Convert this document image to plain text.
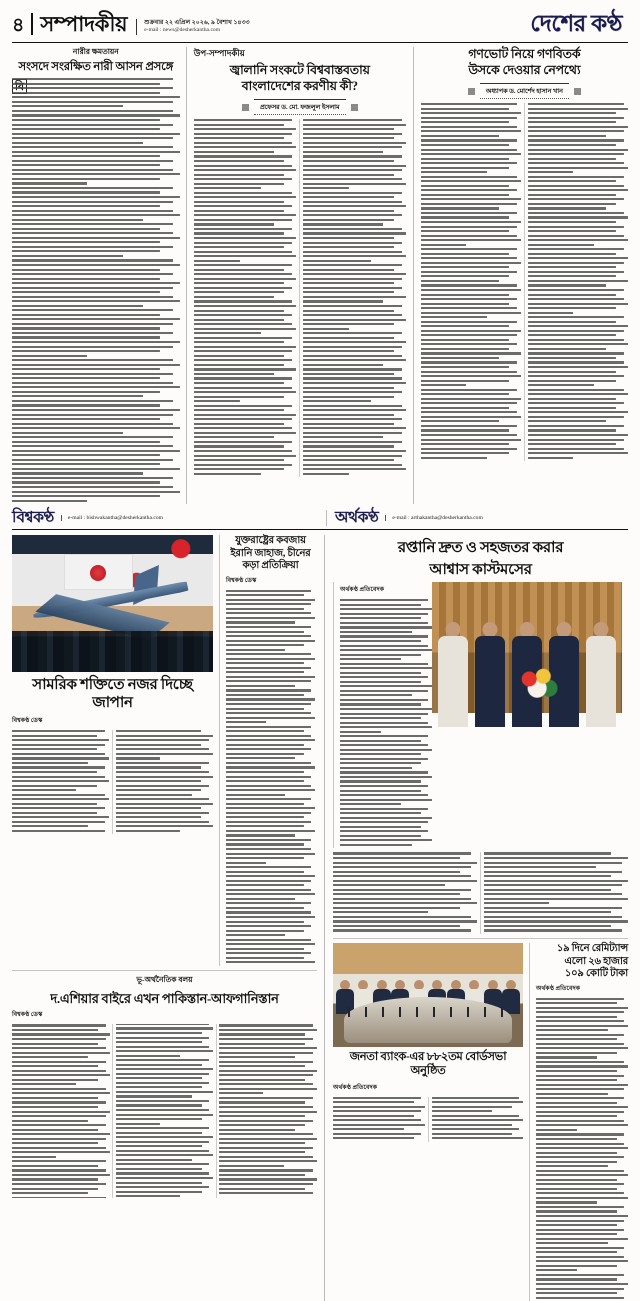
৪ সম্পাদকীয়	শুক্রবার ২২ এপ্রিল ২০২৬, ৯ বৈশাখ ১৪৩৩
e-mail : news@desherkantha.com	দেশের কণ্ঠ
নারীর ক্ষমতায়ন
সংসদে সংরক্ষিত নারী আসন প্রসঙ্গে
উপ-সম্পাদকীয়
জ্বালানি সংকটে বিশ্ববাস্তবতায়
বাংলাদেশের করণীয় কী?
প্রফেসর ড. মো. ফজলুল ইসলাম
গণভোট নিয়ে গণবিতর্ক
উসকে দেওয়ার নেপথ্যে
অধ্যাপক ড. মোর্শেদ হাসান খান
বিশ্বকণ্ঠ	e-mail : bishwakantha@desherkantha.com	অর্থকণ্ঠ	e-mail : arthakantha@desherkantha.com
সামরিক শক্তিতে নজর দিচ্ছে জাপান
বিশ্বকণ্ঠ ডেস্ক
যুক্তরাষ্ট্রের কবজায়
ইরানি জাহাজ, চীনের
কড়া প্রতিক্রিয়া
বিশ্বকণ্ঠ ডেস্ক
ভূ-অর্থনৈতিক বলয়
দ.এশিয়ার বাইরে এখন পাকিস্তান-আফগানিস্তান
বিশ্বকণ্ঠ ডেস্ক
রপ্তানি দ্রুত ও সহজতর করার
আশ্বাস কাস্টমসের
অর্থকণ্ঠ প্রতিবেদক
জনতা ব্যাংক-এর ৮৮২তম বোর্ডসভা অনুষ্ঠিত
অর্থকণ্ঠ প্রতিবেদক
১৯ দিনে রেমিট্যান্স
এলো ২৬ হাজার
১০৯ কোটি টাকা
অর্থকণ্ঠ প্রতিবেদক
